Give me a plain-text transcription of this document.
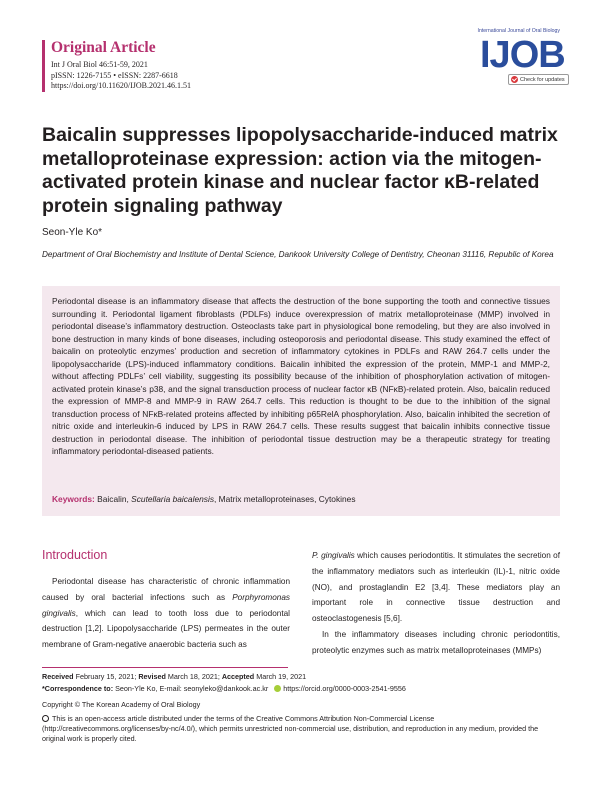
Original Article
Int J Oral Biol 46:51-59, 2021
pISSN: 1226-7155 • eISSN: 2287-6618
https://doi.org/10.11620/IJOB.2021.46.1.51
International Journal of Oral Biology
IJOB
Check for updates
Baicalin suppresses lipopolysaccharide-induced matrix
metalloproteinase expression: action via the mitogen-
activated protein kinase and nuclear factor κB-related
protein signaling pathway
Seon-Yle Ko*
Department of Oral Biochemistry and Institute of Dental Science, Dankook University College of Dentistry, Cheonan 31116, Republic of Korea

Periodontal disease is an inflammatory disease that affects the destruction of the bone supporting the tooth and connective tissues surrounding it. Periodontal ligament fibroblasts (PDLFs) induce overexpression of matrix metalloproteinase (MMP) involved in periodontal disease’s inflammatory destruction. Osteoclasts take part in physiological bone remodeling, but they are also involved in bone destruction in many kinds of bone diseases, including osteoporosis and periodontal disease. This study examined the effect of baicalin on proteolytic enzymes’ production and secretion of inflammatory cytokines in PDLFs and RAW 264.7 cells under the lipopolysaccharide (LPS)-induced inflammatory conditions. Baicalin inhibited the expression of the protein, MMP-1 and MMP-2, without affecting PDLFs’ cell viability, suggesting its possibility because of the inhibition of phosphorylation activation of mitogen-activated protein kinase’s p38, and the signal transduction process of nuclear factor κB (NFκB)-related protein. Also, baicalin reduced the expression of MMP-8 and MMP-9 in RAW 264.7 cells. This reduction is thought to be due to the inhibition of the signal transduction process of NFκB-related proteins affected by inhibiting p65RelA phosphorylation. Also, baicalin inhibited the secretion of nitric oxide and interleukin-6 induced by LPS in RAW 264.7 cells. These results suggest that baicalin inhibits connective tissue destruction in periodontal disease. The inhibition of periodontal tissue destruction may be a therapeutic strategy for treating inflammatory periodontal-diseased patients.

Keywords: Baicalin, Scutellaria baicalensis, Matrix metalloproteinases, Cytokines
Introduction

Periodontal disease has characteristic of chronic inflammation caused by oral bacterial infections such as Porphyromonas gingivalis, which can lead to tooth loss due to periodontal destruction [1,2]. Lipopolysaccharide (LPS) permeates in the outer membrane of Gram-negative anaerobic bacteria such as

P. gingivalis which causes periodontitis. It stimulates the secretion of the inflammatory mediators such as interleukin (IL)-1, nitric oxide (NO), and prostaglandin E2 [3,4]. These mediators play an important role in connective tissue destruction and osteoclastogenesis [5,6].

In the inflammatory diseases including chronic periodontitis, proteolytic enzymes such as matrix metalloproteinases (MMPs)

Received February 15, 2021; Revised March 18, 2021; Accepted March 19, 2021
*Correspondence to: Seon-Yle Ko, E-mail: seonyleko@dankook.ac.kr https://orcid.org/0000-0003-2541-9556
Copyright © The Korean Academy of Oral Biology
This is an open-access article distributed under the terms of the Creative Commons Attribution Non-Commercial License (http://creativecommons.org/licenses/by-nc/4.0/), which permits unrestricted non-commercial use, distribution, and reproduction in any medium, provided the original work is properly cited.
